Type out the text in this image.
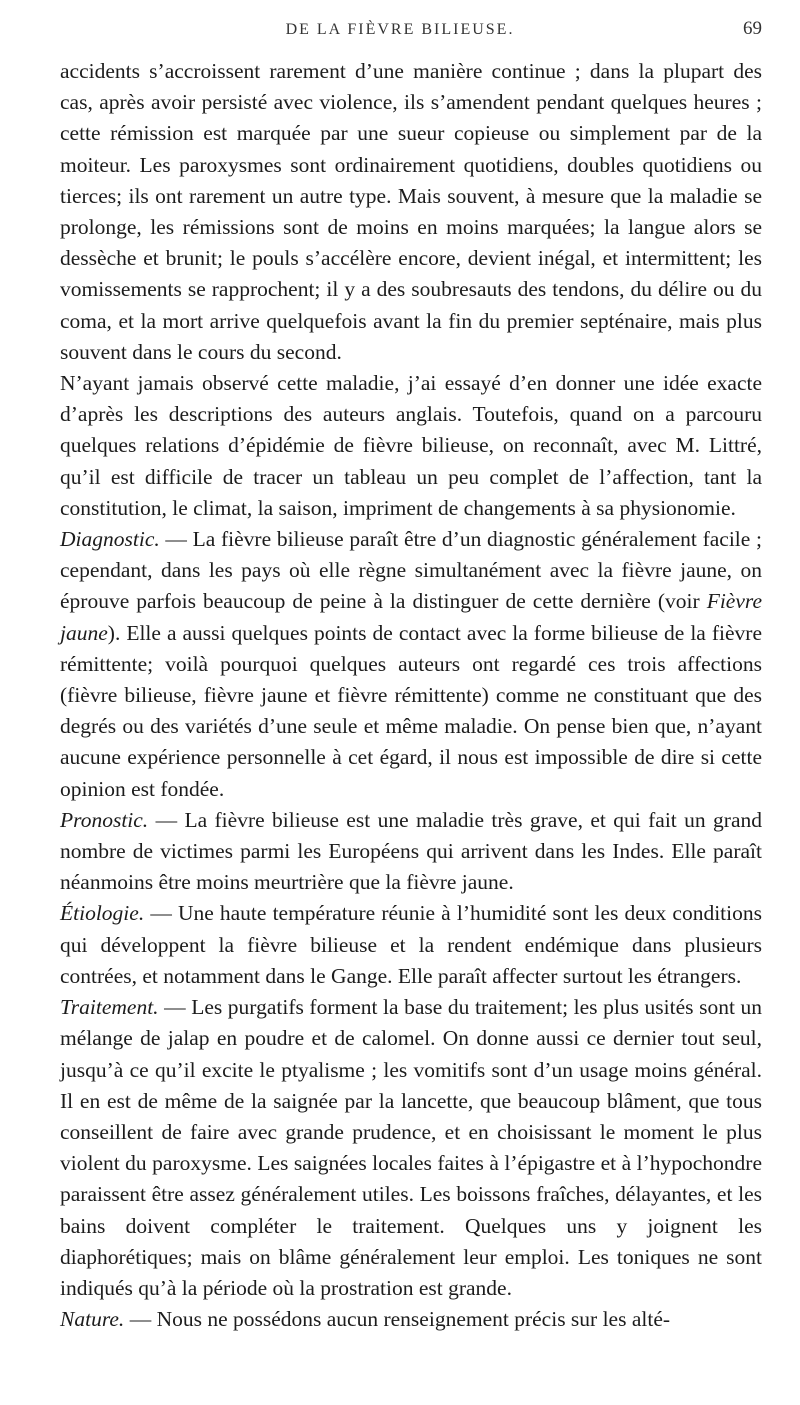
DE LA FIÈVRE BILIEUSE.	69

accidents s’accroissent rarement d’une manière continue ; dans la plupart des cas, après avoir persisté avec violence, ils s’amendent pendant quelques heures ; cette rémission est marquée par une sueur copieuse ou simplement par de la moiteur. Les paroxysmes sont ordinairement quotidiens, doubles quotidiens ou tierces; ils ont rarement un autre type. Mais souvent, à mesure que la maladie se prolonge, les rémissions sont de moins en moins marquées; la langue alors se dessèche et brunit; le pouls s’accélère encore, devient inégal, et intermittent; les vomissements se rapprochent; il y a des soubresauts des tendons, du délire ou du coma, et la mort arrive quelquefois avant la fin du premier septénaire, mais plus souvent dans le cours du second.

N’ayant jamais observé cette maladie, j’ai essayé d’en donner une idée exacte d’après les descriptions des auteurs anglais. Toutefois, quand on a parcouru quelques relations d’épidémie de fièvre bilieuse, on reconnaît, avec M. Littré, qu’il est difficile de tracer un tableau un peu complet de l’affection, tant la constitution, le climat, la saison, impriment de changements à sa physionomie.

Diagnostic. — La fièvre bilieuse paraît être d’un diagnostic généralement facile ; cependant, dans les pays où elle règne simultanément avec la fièvre jaune, on éprouve parfois beaucoup de peine à la distinguer de cette dernière (voir Fièvre jaune). Elle a aussi quelques points de contact avec la forme bilieuse de la fièvre rémittente; voilà pourquoi quelques auteurs ont regardé ces trois affections (fièvre bilieuse, fièvre jaune et fièvre rémittente) comme ne constituant que des degrés ou des variétés d’une seule et même maladie. On pense bien que, n’ayant aucune expérience personnelle à cet égard, il nous est impossible de dire si cette opinion est fondée.

Pronostic. — La fièvre bilieuse est une maladie très grave, et qui fait un grand nombre de victimes parmi les Européens qui arrivent dans les Indes. Elle paraît néanmoins être moins meurtrière que la fièvre jaune.

Étiologie. — Une haute température réunie à l’humidité sont les deux conditions qui développent la fièvre bilieuse et la rendent endémique dans plusieurs contrées, et notamment dans le Gange. Elle paraît affecter surtout les étrangers.

Traitement. — Les purgatifs forment la base du traitement; les plus usités sont un mélange de jalap en poudre et de calomel. On donne aussi ce dernier tout seul, jusqu’à ce qu’il excite le ptyalisme ; les vomitifs sont d’un usage moins général. Il en est de même de la saignée par la lancette, que beaucoup blâment, que tous conseillent de faire avec grande prudence, et en choisissant le moment le plus violent du paroxysme. Les saignées locales faites à l’épigastre et à l’hypochondre paraissent être assez généralement utiles. Les boissons fraîches, délayantes, et les bains doivent compléter le traitement. Quelques uns y joignent les diaphorétiques; mais on blâme généralement leur emploi. Les toniques ne sont indiqués qu’à la période où la prostration est grande.

Nature. — Nous ne possédons aucun renseignement précis sur les alté-
